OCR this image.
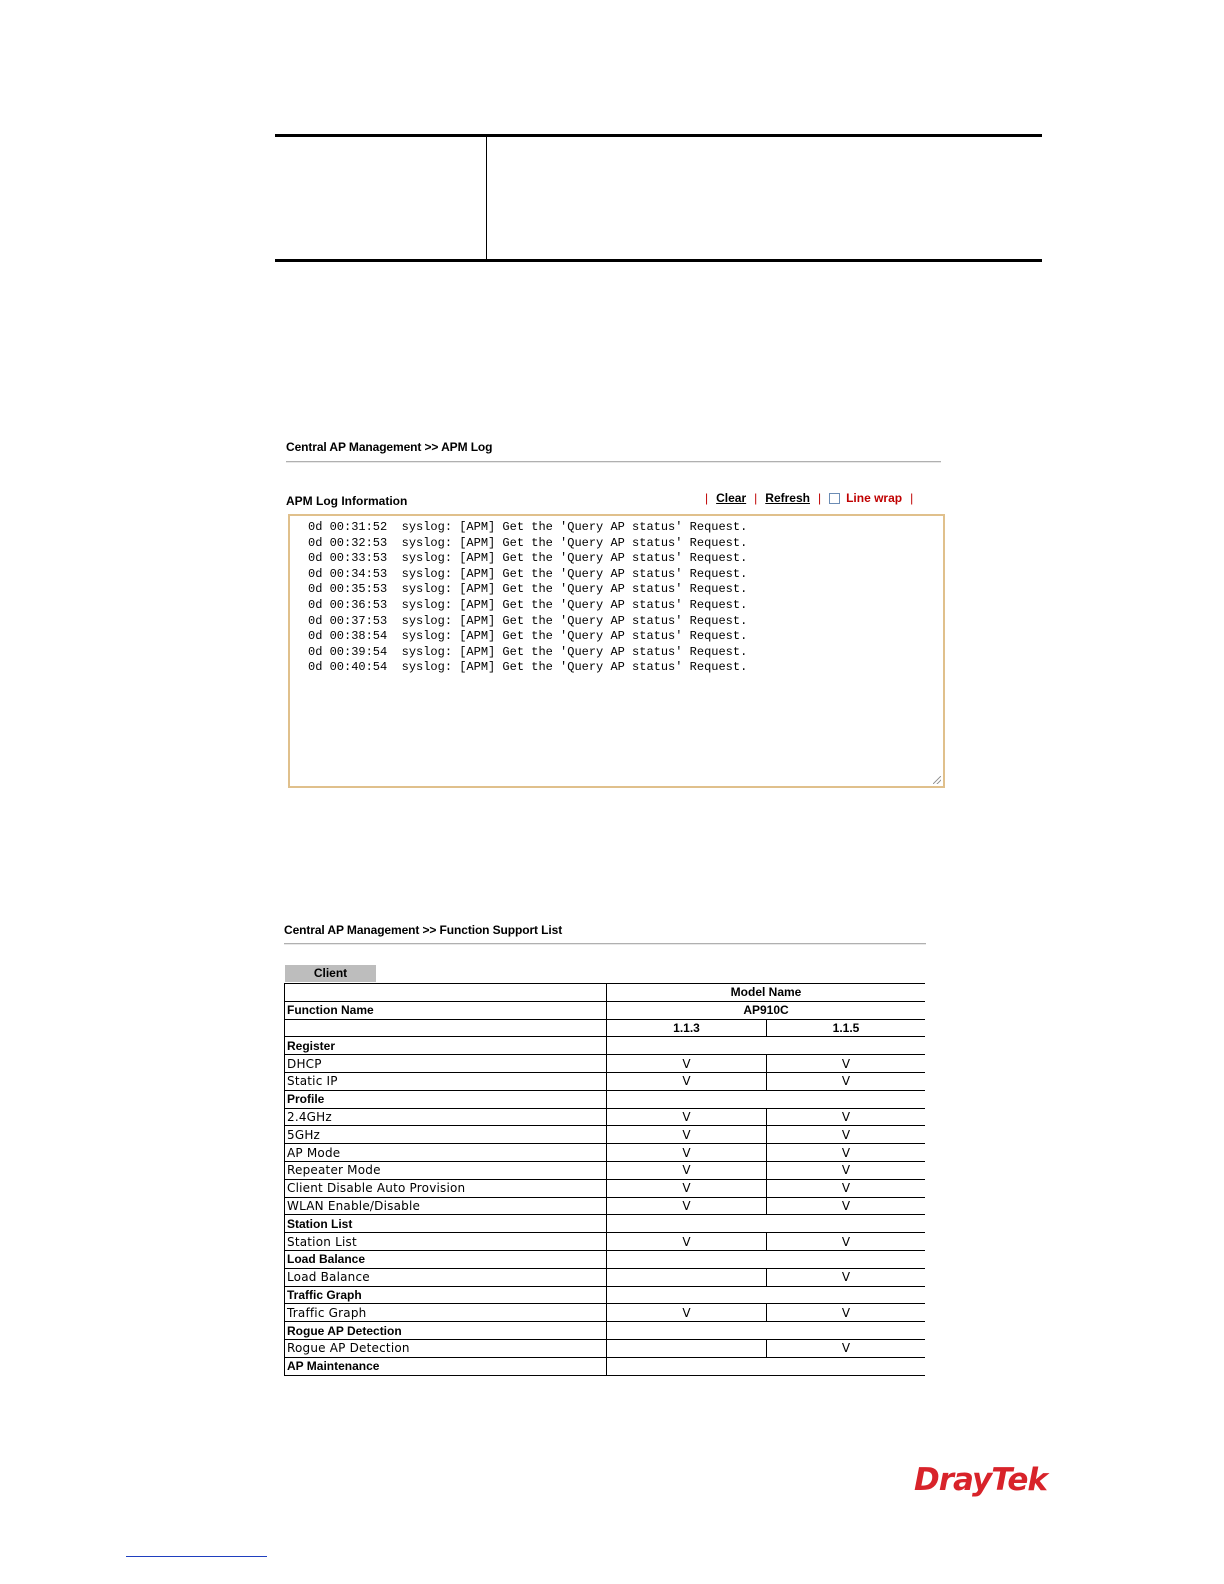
Central AP Management >> APM Log
APM Log Information	| Clear | Refresh | Line wrap |
0d 00:31:52  syslog: [APM] Get the 'Query AP status' Request.
0d 00:32:53  syslog: [APM] Get the 'Query AP status' Request.
0d 00:33:53  syslog: [APM] Get the 'Query AP status' Request.
0d 00:34:53  syslog: [APM] Get the 'Query AP status' Request.
0d 00:35:53  syslog: [APM] Get the 'Query AP status' Request.
0d 00:36:53  syslog: [APM] Get the 'Query AP status' Request.
0d 00:37:53  syslog: [APM] Get the 'Query AP status' Request.
0d 00:38:54  syslog: [APM] Get the 'Query AP status' Request.
0d 00:39:54  syslog: [APM] Get the 'Query AP status' Request.
0d 00:40:54  syslog: [APM] Get the 'Query AP status' Request.
Central AP Management >> Function Support List
Client
	Model Name	
Function Name	AP910C	
	1.1.3	1.1.5
Register		
DHCP	V	V
Static IP	V	V
Profile		
2.4GHz	V	V
5GHz	V	V
AP Mode	V	V
Repeater Mode	V	V
Client Disable Auto Provision	V	V
WLAN Enable/Disable	V	V
Station List		
Station List	V	V
Load Balance		
Load Balance		V
Traffic Graph		
Traffic Graph	V	V
Rogue AP Detection		
Rogue AP Detection		V
AP Maintenance		
DrayTek
